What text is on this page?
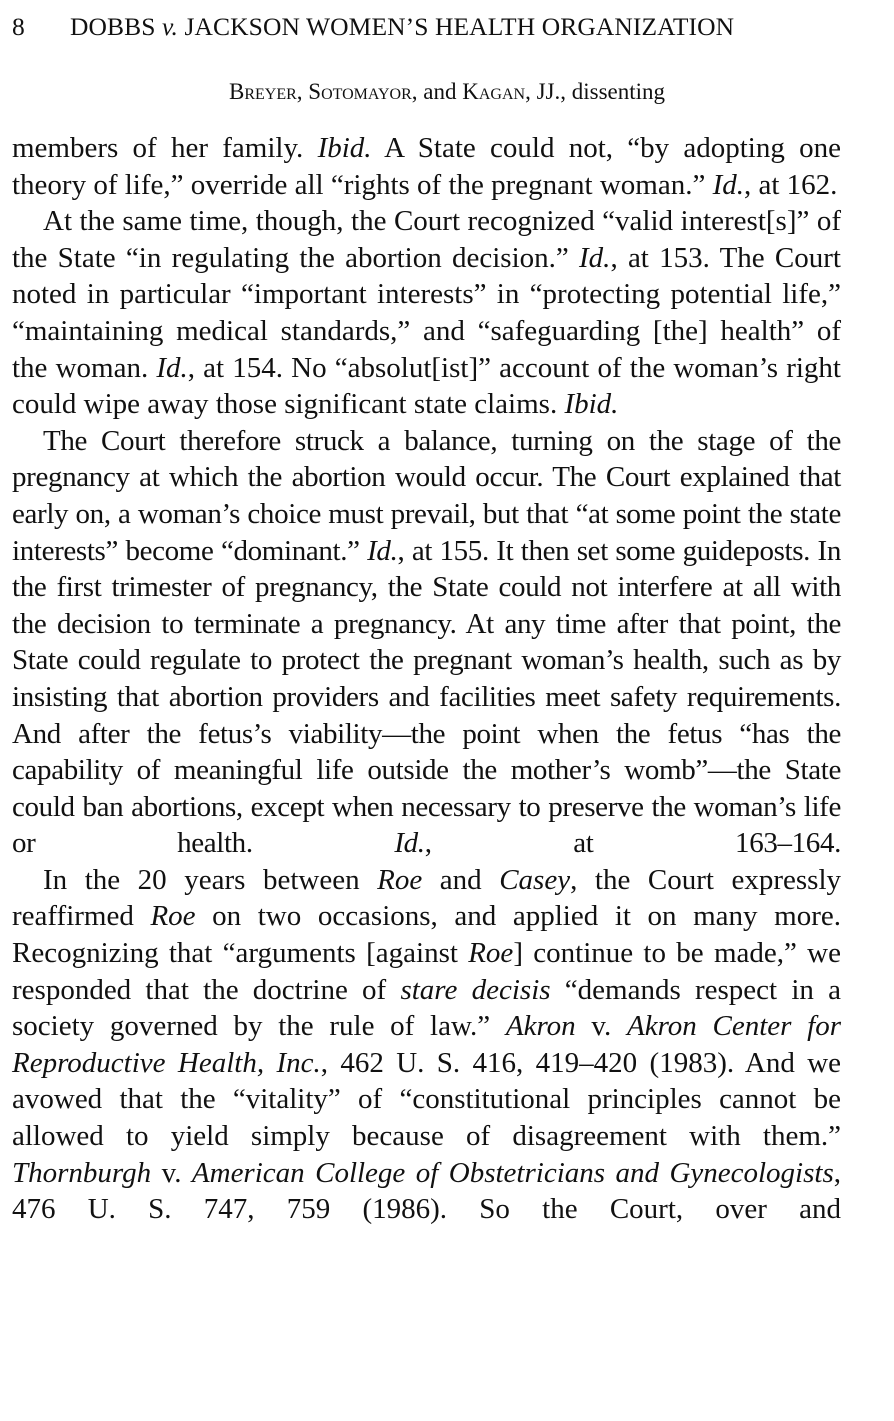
8 DOBBS v. JACKSON WOMEN’S HEALTH ORGANIZATION
Breyer, Sotomayor, and Kagan, JJ., dissenting

members of her family. Ibid. A State could not, “by adopting one theory of life,” override all “rights of the pregnant woman.” Id., at 162.

At the same time, though, the Court recognized “valid interest[s]” of the State “in regulating the abortion decision.” Id., at 153. The Court noted in particular “important interests” in “protecting potential life,” “maintaining medical standards,” and “safeguarding [the] health” of the woman. Id., at 154. No “absolut[ist]” account of the woman’s right could wipe away those significant state claims. Ibid.

The Court therefore struck a balance, turning on the stage of the pregnancy at which the abortion would occur. The Court explained that early on, a woman’s choice must prevail, but that “at some point the state interests” become “dominant.” Id., at 155. It then set some guideposts. In the first trimester of pregnancy, the State could not interfere at all with the decision to terminate a pregnancy. At any time after that point, the State could regulate to protect the pregnant woman’s health, such as by insisting that abortion providers and facilities meet safety requirements. And after the fetus’s viability—the point when the fetus “has the capability of meaningful life outside the mother’s womb”—the State could ban abortions, except when necessary to preserve the woman’s life or health. Id., at 163–164.

In the 20 years between Roe and Casey, the Court expressly reaffirmed Roe on two occasions, and applied it on many more. Recognizing that “arguments [against Roe] continue to be made,” we responded that the doctrine of stare decisis “demands respect in a society governed by the rule of law.” Akron v. Akron Center for Reproductive Health, Inc., 462 U. S. 416, 419–420 (1983). And we avowed that the “vitality” of “constitutional principles cannot be allowed to yield simply because of disagreement with them.” Thornburgh v. American College of Obstetricians and Gynecologists, 476 U. S. 747, 759 (1986). So the Court, over and
